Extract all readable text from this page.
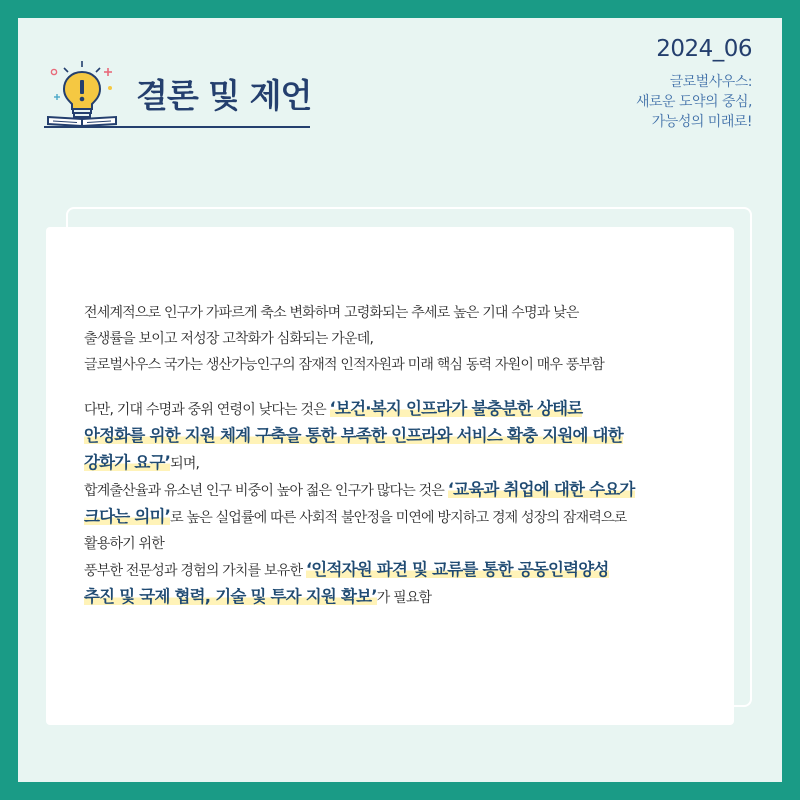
결론 및 제언
2024_06
글로벌사우스:
새로운 도약의 중심,
가능성의 미래로!

전세계적으로 인구가 가파르게 축소 변화하며 고령화되는 추세로 높은 기대 수명과 낮은
출생률을 보이고 저성장 고착화가 심화되는 가운데,
글로벌사우스 국가는 생산가능인구의 잠재적 인적자원과 미래 핵심 동력 자원이 매우 풍부함

다만, 기대 수명과 중위 연령이 낮다는 것은 ‘보건·복지 인프라가 불충분한 상태로
안정화를 위한 지원 체계 구축을 통한 부족한 인프라와 서비스 확충 지원에 대한
강화가 요구’되며,
합계출산율과 유소년 인구 비중이 높아 젊은 인구가 많다는 것은 ‘교육과 취업에 대한 수요가
크다는 의미’로 높은 실업률에 따른 사회적 불안정을 미연에 방지하고 경제 성장의 잠재력으로
활용하기 위한
풍부한 전문성과 경험의 가치를 보유한 ‘인적자원 파견 및 교류를 통한 공동인력양성
추진 및 국제 협력, 기술 및 투자 지원 확보’가 필요함
